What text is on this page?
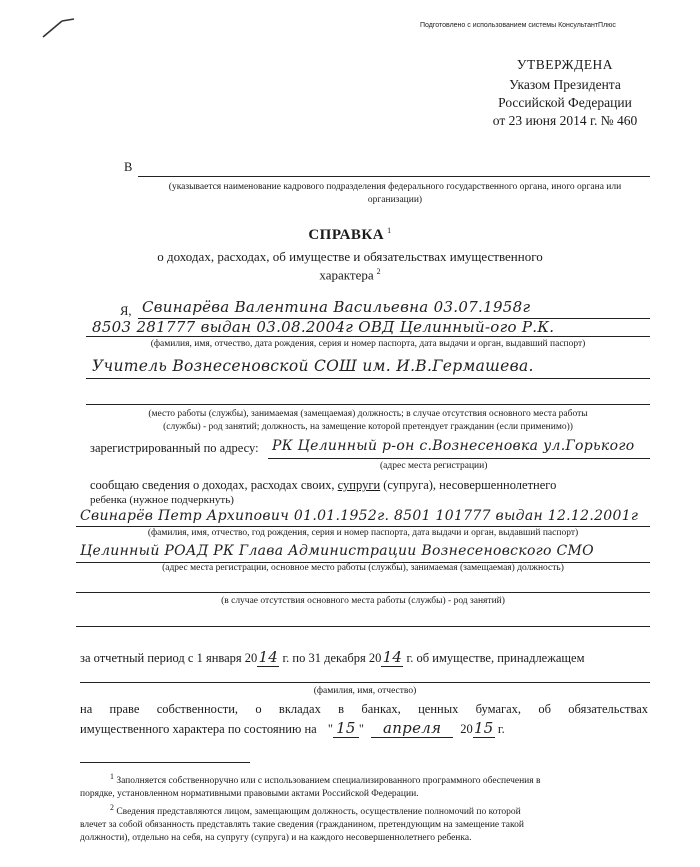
Подготовлено с использованием системы КонсультантПлюс
УТВЕРЖДЕНА
Указом Президента
Российской Федерации
от 23 июня 2014 г. № 460
В
(указывается наименование кадрового подразделения федерального государственного органа, иного органа или организации)
СПРАВКА $^1$
о доходах, расходах, об имуществе и обязательствах имущественного
характера $^2$
Я, Свинарёва Валентина Васильевна 03.07.1958г
8503 281777 выдан 03.08.2004г ОВД Целинный-ого Р.К.
(фамилия, имя, отчество, дата рождения, серия и номер паспорта, дата выдачи и орган, выдавший паспорт)
Учитель Вознесеновской СОШ им. И.В.Гермашева.
(место работы (службы), занимаемая (замещаемая) должность; в случае отсутствия основного места работы
(службы) - род занятий; должность, на замещение которой претендует гражданин (если применимо))
зарегистрированный по адресу: РК Целинный р-он с.Вознесеновка ул.Горького
(адрес места регистрации)
сообщаю сведения о доходах, расходах своих, супруги (супруга), несовершеннолетнего
ребенка (нужное подчеркнуть)
Свинарёв Петр Архипович 01.01.1952г. 8501 101777 выдан 12.12.2001г
(фамилия, имя, отчество, год рождения, серия и номер паспорта, дата выдачи и орган, выдавший паспорт)
Целинный РОАД РК Глава Администрации Вознесеновского СМО
(адрес места регистрации, основное место работы (службы), занимаемая (замещаемая) должность)
(в случае отсутствия основного места работы (службы) - род занятий)
за отчетный период с 1 января 2014 г. по 31 декабря 2014 г. об имуществе, принадлежащем
(фамилия, имя, отчество)
на праве собственности, о вкладах в банках, ценных бумагах, об обязательствах
имущественного характера по состоянию на " 15 " апреля 2015 г.
$^1$ Заполняется собственноручно или с использованием специализированного программного обеспечения в
порядке, установленном нормативными правовыми актами Российской Федерации.
$^2$ Сведения представляются лицом, замещающим должность, осуществление полномочий по которой
влечет за собой обязанность представлять такие сведения (гражданином, претендующим на замещение такой
должности), отдельно на себя, на супругу (супруга) и на каждого несовершеннолетнего ребенка.
